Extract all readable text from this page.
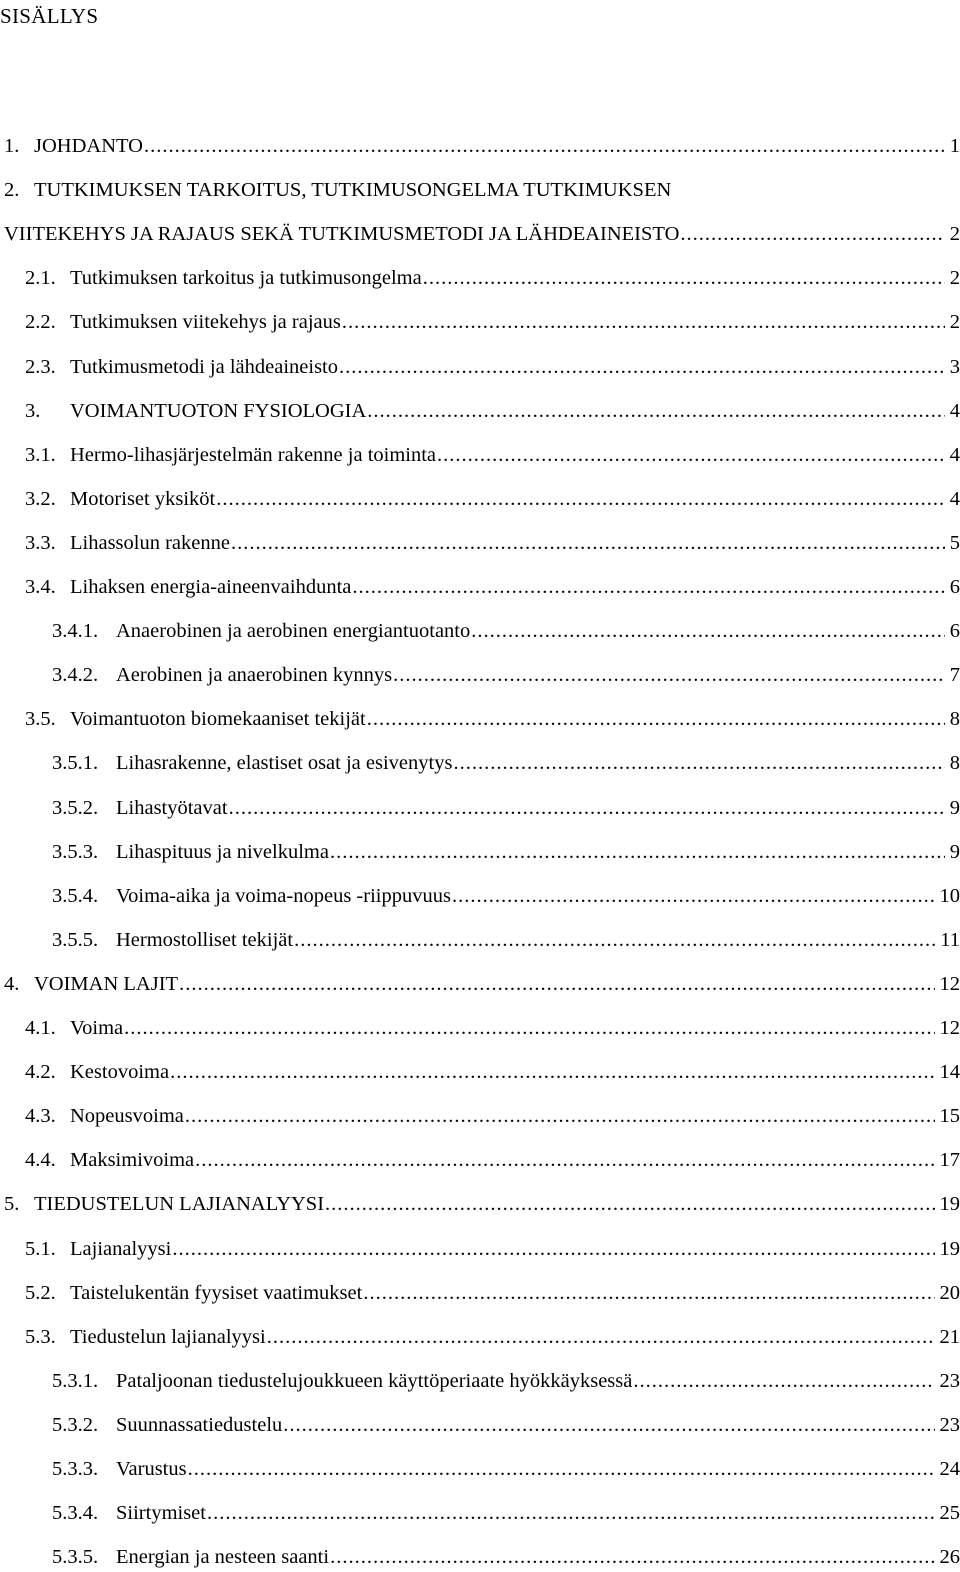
SISÄLLYS
1. JOHDANTO .....	1
2. TUTKIMUKSEN TARKOITUS, TUTKIMUSONGELMA TUTKIMUKSEN
VIITEKEHYS JA RAJAUS SEKÄ TUTKIMUSMETODI JA LÄHDEAINEISTO .....	2
2.1. Tutkimuksen tarkoitus ja tutkimusongelma .....	2
2.2. Tutkimuksen viitekehys ja rajaus .....	2
2.3. Tutkimusmetodi ja lähdeaineisto .....	3
3. VOIMANTUOTON FYSIOLOGIA .....	4
3.1. Hermo-lihasjärjestelmän rakenne ja toiminta .....	4
3.2. Motoriset yksiköt .....	4
3.3. Lihassolun rakenne .....	5
3.4. Lihaksen energia-aineenvaihdunta .....	6
3.4.1. Anaerobinen ja aerobinen energiantuotanto .....	6
3.4.2. Aerobinen ja anaerobinen kynnys .....	7
3.5. Voimantuoton biomekaaniset tekijät .....	8
3.5.1. Lihasrakenne, elastiset osat ja esivenytys .....	8
3.5.2. Lihastyötavat .....	9
3.5.3. Lihaspituus ja nivelkulma .....	9
3.5.4. Voima-aika ja voima-nopeus -riippuvuus .....	10
3.5.5. Hermostolliset tekijät .....	11
4. VOIMAN LAJIT .....	12
4.1. Voima .....	12
4.2. Kestovoima .....	14
4.3. Nopeusvoima .....	15
4.4. Maksimivoima .....	17
5. TIEDUSTELUN LAJIANALYYSI .....	19
5.1. Lajianalyysi .....	19
5.2. Taistelukentän fyysiset vaatimukset .....	20
5.3. Tiedustelun lajianalyysi .....	21
5.3.1. Pataljoonan tiedustelujoukkueen käyttöperiaate hyökkäyksessä .....	23
5.3.2. Suunnassatiedustelu .....	23
5.3.3. Varustus .....	24
5.3.4. Siirtymiset .....	25
5.3.5. Energian ja nesteen saanti .....	26
